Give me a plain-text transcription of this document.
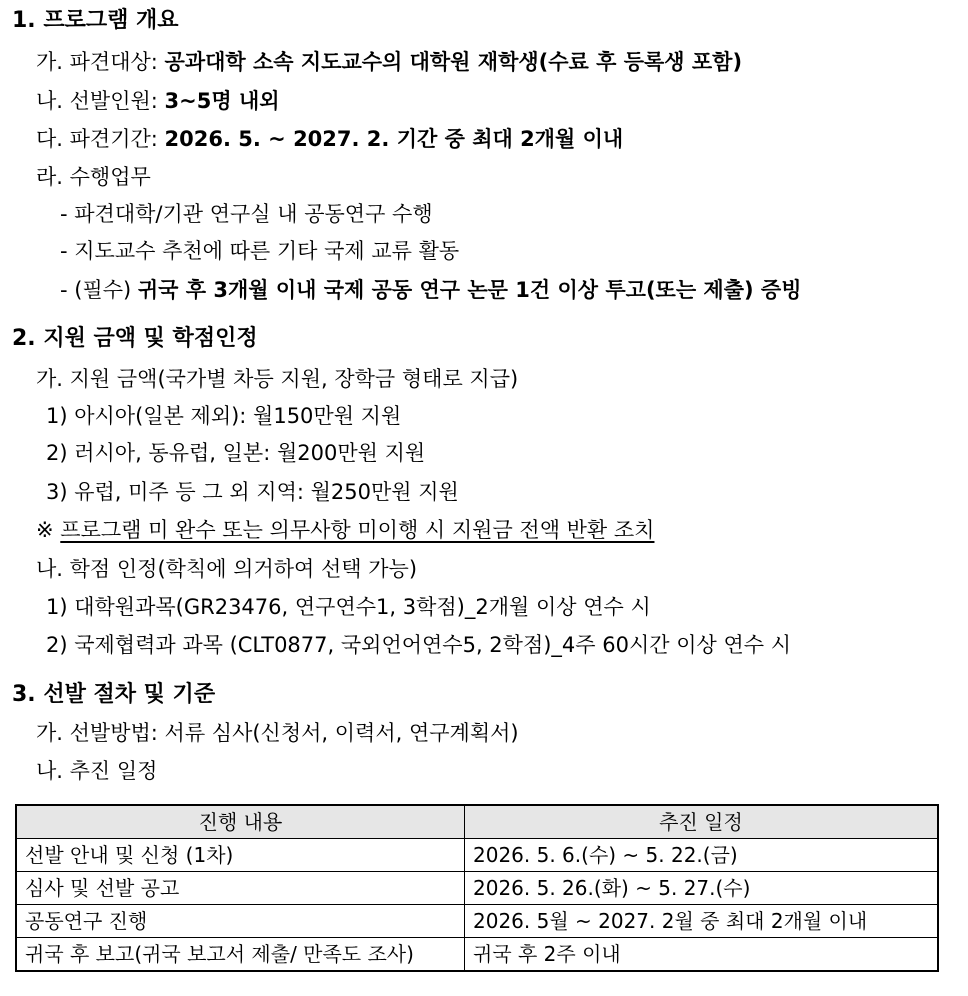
1. 프로그램 개요
가. 파견대상: 공과대학 소속 지도교수의 대학원 재학생(수료 후 등록생 포함)
나. 선발인원: 3~5명 내외
다. 파견기간: 2026. 5. ~ 2027. 2. 기간 중 최대 2개월 이내
라. 수행업무
- 파견대학/기관 연구실 내 공동연구 수행
- 지도교수 추천에 따른 기타 국제 교류 활동
- (필수) 귀국 후 3개월 이내 국제 공동 연구 논문 1건 이상 투고(또는 제출) 증빙
2. 지원 금액 및 학점인정
가. 지원 금액(국가별 차등 지원, 장학금 형태로 지급)
1) 아시아(일본 제외): 월150만원 지원
2) 러시아, 동유럽, 일본: 월200만원 지원
3) 유럽, 미주 등 그 외 지역: 월250만원 지원
※ 프로그램 미 완수 또는 의무사항 미이행 시 지원금 전액 반환 조치
나. 학점 인정(학칙에 의거하여 선택 가능)
1) 대학원과목(GR23476, 연구연수1, 3학점)_2개월 이상 연수 시
2) 국제협력과 과목 (CLT0877, 국외언어연수5, 2학점)_4주 60시간 이상 연수 시
3. 선발 절차 및 기준
가. 선발방법: 서류 심사(신청서, 이력서, 연구계획서)
나. 추진 일정
진행 내용	추진 일정
선발 안내 및 신청 (1차)	2026. 5. 6.(수) ~ 5. 22.(금)
심사 및 선발 공고	2026. 5. 26.(화) ~ 5. 27.(수)
공동연구 진행	2026. 5월 ~ 2027. 2월 중 최대 2개월 이내
귀국 후 보고(귀국 보고서 제출/ 만족도 조사)	귀국 후 2주 이내
